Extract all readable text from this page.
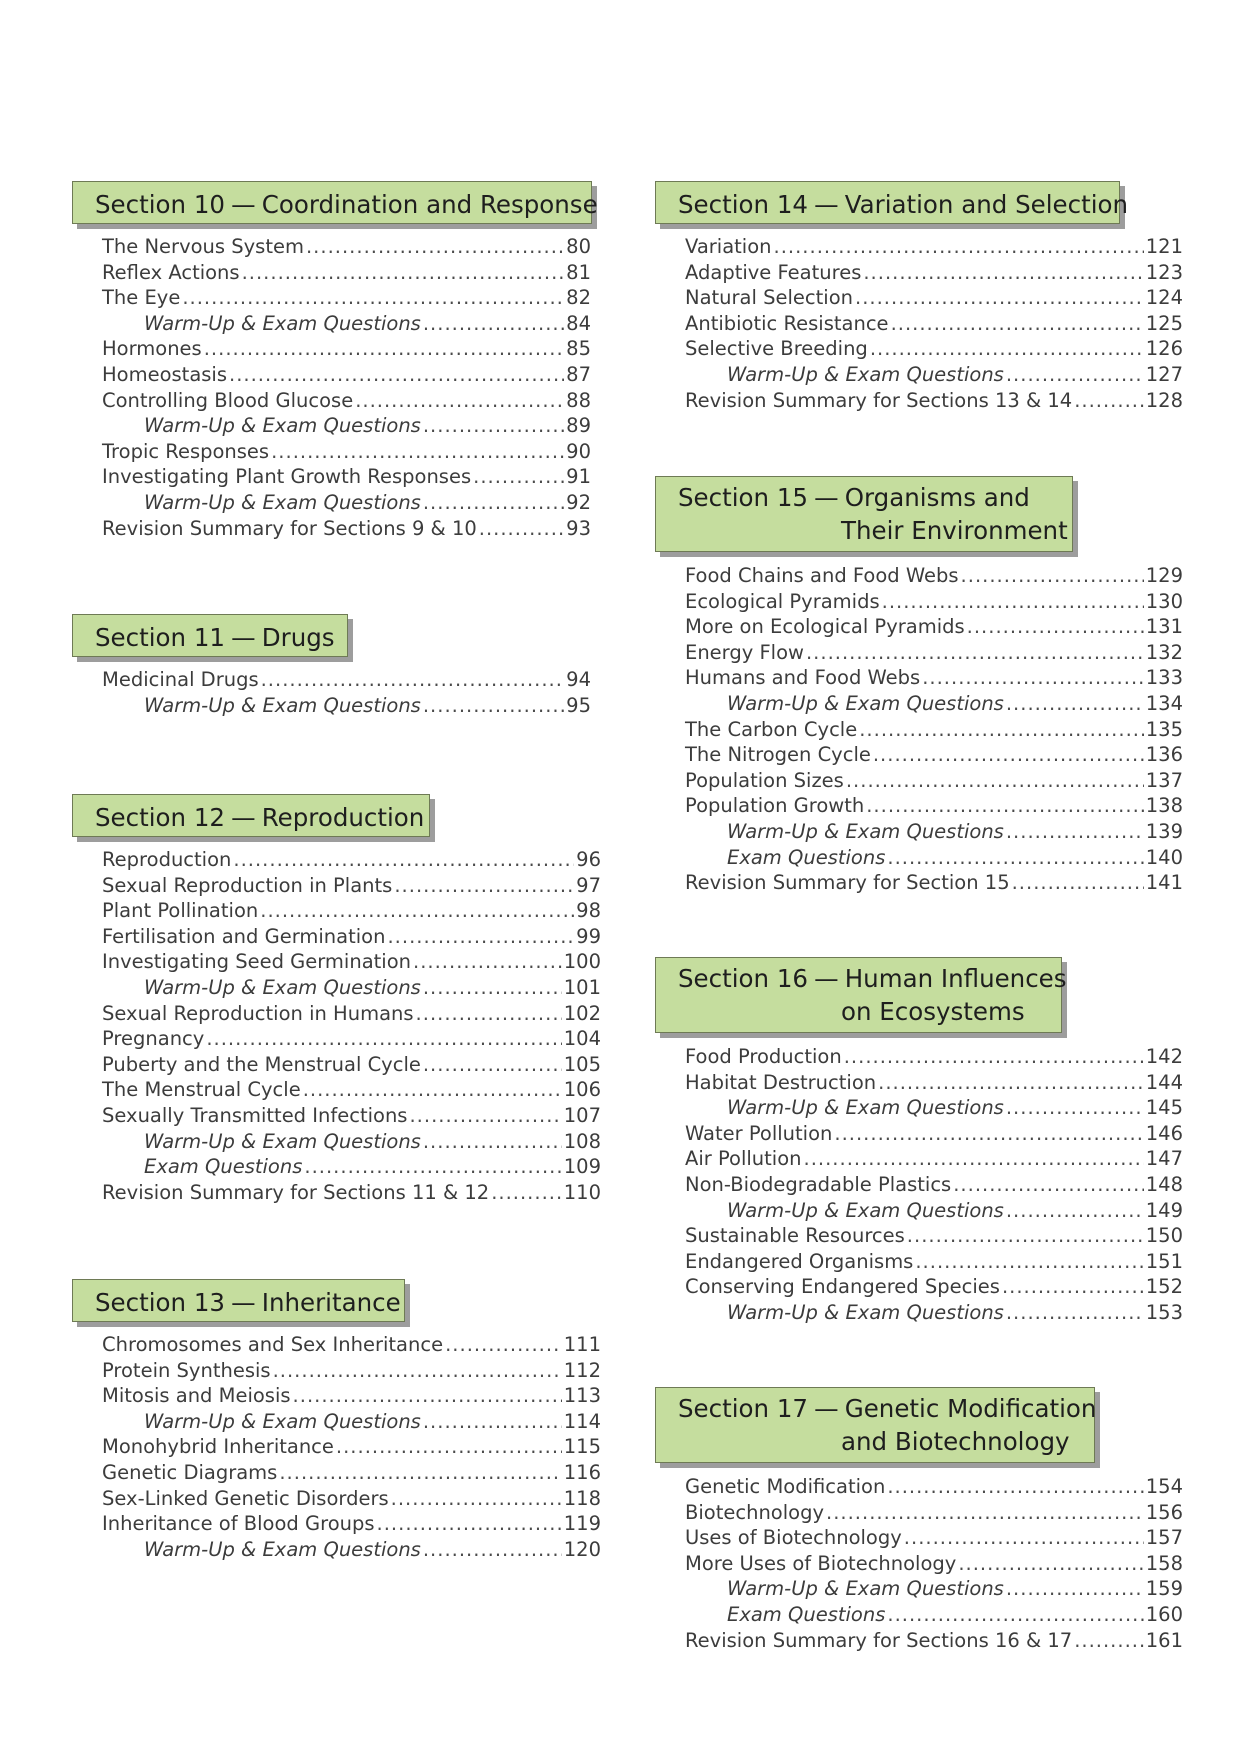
Section 10 — Coordination and Response
The Nervous System .....	80
Reflex Actions .....	81
The Eye .....	82
Warm-Up & Exam Questions .....	84
Hormones .....	85
Homeostasis .....	87
Controlling Blood Glucose .....	88
Warm-Up & Exam Questions .....	89
Tropic Responses .....	90
Investigating Plant Growth Responses .....	91
Warm-Up & Exam Questions .....	92
Revision Summary for Sections 9 & 10 .....	93
Section 11 — Drugs
Medicinal Drugs .....	94
Warm-Up & Exam Questions .....	95
Section 12 — Reproduction
Reproduction .....	96
Sexual Reproduction in Plants .....	97
Plant Pollination .....	98
Fertilisation and Germination .....	99
Investigating Seed Germination .....	100
Warm-Up & Exam Questions .....	101
Sexual Reproduction in Humans .....	102
Pregnancy .....	104
Puberty and the Menstrual Cycle .....	105
The Menstrual Cycle .....	106
Sexually Transmitted Infections .....	107
Warm-Up & Exam Questions .....	108
Exam Questions .....	109
Revision Summary for Sections 11 & 12 .....	110
Section 13 — Inheritance
Chromosomes and Sex Inheritance .....	111
Protein Synthesis .....	112
Mitosis and Meiosis .....	113
Warm-Up & Exam Questions .....	114
Monohybrid Inheritance .....	115
Genetic Diagrams .....	116
Sex-Linked Genetic Disorders .....	118
Inheritance of Blood Groups .....	119
Warm-Up & Exam Questions .....	120
Section 14 — Variation and Selection
Variation .....	121
Adaptive Features .....	123
Natural Selection .....	124
Antibiotic Resistance .....	125
Selective Breeding .....	126
Warm-Up & Exam Questions .....	127
Revision Summary for Sections 13 & 14 .....	128
Section 15 — Organisms and
Their Environment
Food Chains and Food Webs .....	129
Ecological Pyramids .....	130
More on Ecological Pyramids .....	131
Energy Flow .....	132
Humans and Food Webs .....	133
Warm-Up & Exam Questions .....	134
The Carbon Cycle .....	135
The Nitrogen Cycle .....	136
Population Sizes .....	137
Population Growth .....	138
Warm-Up & Exam Questions .....	139
Exam Questions .....	140
Revision Summary for Section 15 .....	141
Section 16 — Human Influences
on Ecosystems
Food Production .....	142
Habitat Destruction .....	144
Warm-Up & Exam Questions .....	145
Water Pollution .....	146
Air Pollution .....	147
Non-Biodegradable Plastics .....	148
Warm-Up & Exam Questions .....	149
Sustainable Resources .....	150
Endangered Organisms .....	151
Conserving Endangered Species .....	152
Warm-Up & Exam Questions .....	153
Section 17 — Genetic Modification
and Biotechnology
Genetic Modification .....	154
Biotechnology .....	156
Uses of Biotechnology .....	157
More Uses of Biotechnology .....	158
Warm-Up & Exam Questions .....	159
Exam Questions .....	160
Revision Summary for Sections 16 & 17 .....	161
